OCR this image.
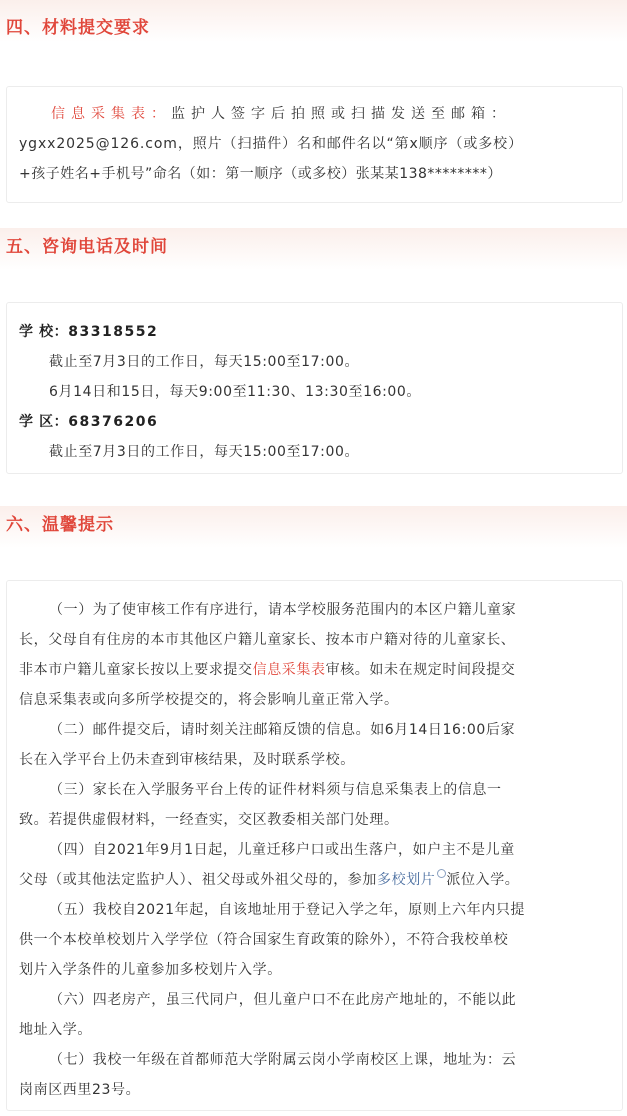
四、材料提交要求
信息采集表：监护人签字后拍照或扫描发送至邮箱：
ygxx2025@126.com，照片（扫描件）名和邮件名以“第x顺序（或多校）
+孩子姓名+手机号”命名（如：第一顺序（或多校）张某某138********）
五、咨询电话及时间
学 校：83318552
截止至7月3日的工作日，每天15:00至17:00。
6月14日和15日，每天9:00至11:30、13:30至16:00。
学 区：68376206
截止至7月3日的工作日，每天15:00至17:00。
六、温馨提示
（一）为了使审核工作有序进行，请本学校服务范围内的本区户籍儿童家
长，父母自有住房的本市其他区户籍儿童家长、按本市户籍对待的儿童家长、
非本市户籍儿童家长按以上要求提交信息采集表审核。如未在规定时间段提交
信息采集表或向多所学校提交的，将会影响儿童正常入学。
（二）邮件提交后，请时刻关注邮箱反馈的信息。如6月14日16:00后家
长在入学平台上仍未查到审核结果，及时联系学校。
（三）家长在入学服务平台上传的证件材料须与信息采集表上的信息一
致。若提供虚假材料，一经查实，交区教委相关部门处理。
（四）自2021年9月1日起，儿童迁移户口或出生落户，如户主不是儿童
父母（或其他法定监护人）、祖父母或外祖父母的，参加多校划片 派位入学。
（五）我校自2021年起，自该地址用于登记入学之年，原则上六年内只提
供一个本校单校划片入学学位（符合国家生育政策的除外），不符合我校单校
划片入学条件的儿童参加多校划片入学。
（六）四老房产，虽三代同户，但儿童户口不在此房产地址的，不能以此
地址入学。
（七）我校一年级在首都师范大学附属云岗小学南校区上课，地址为：云
岗南区西里23号。
